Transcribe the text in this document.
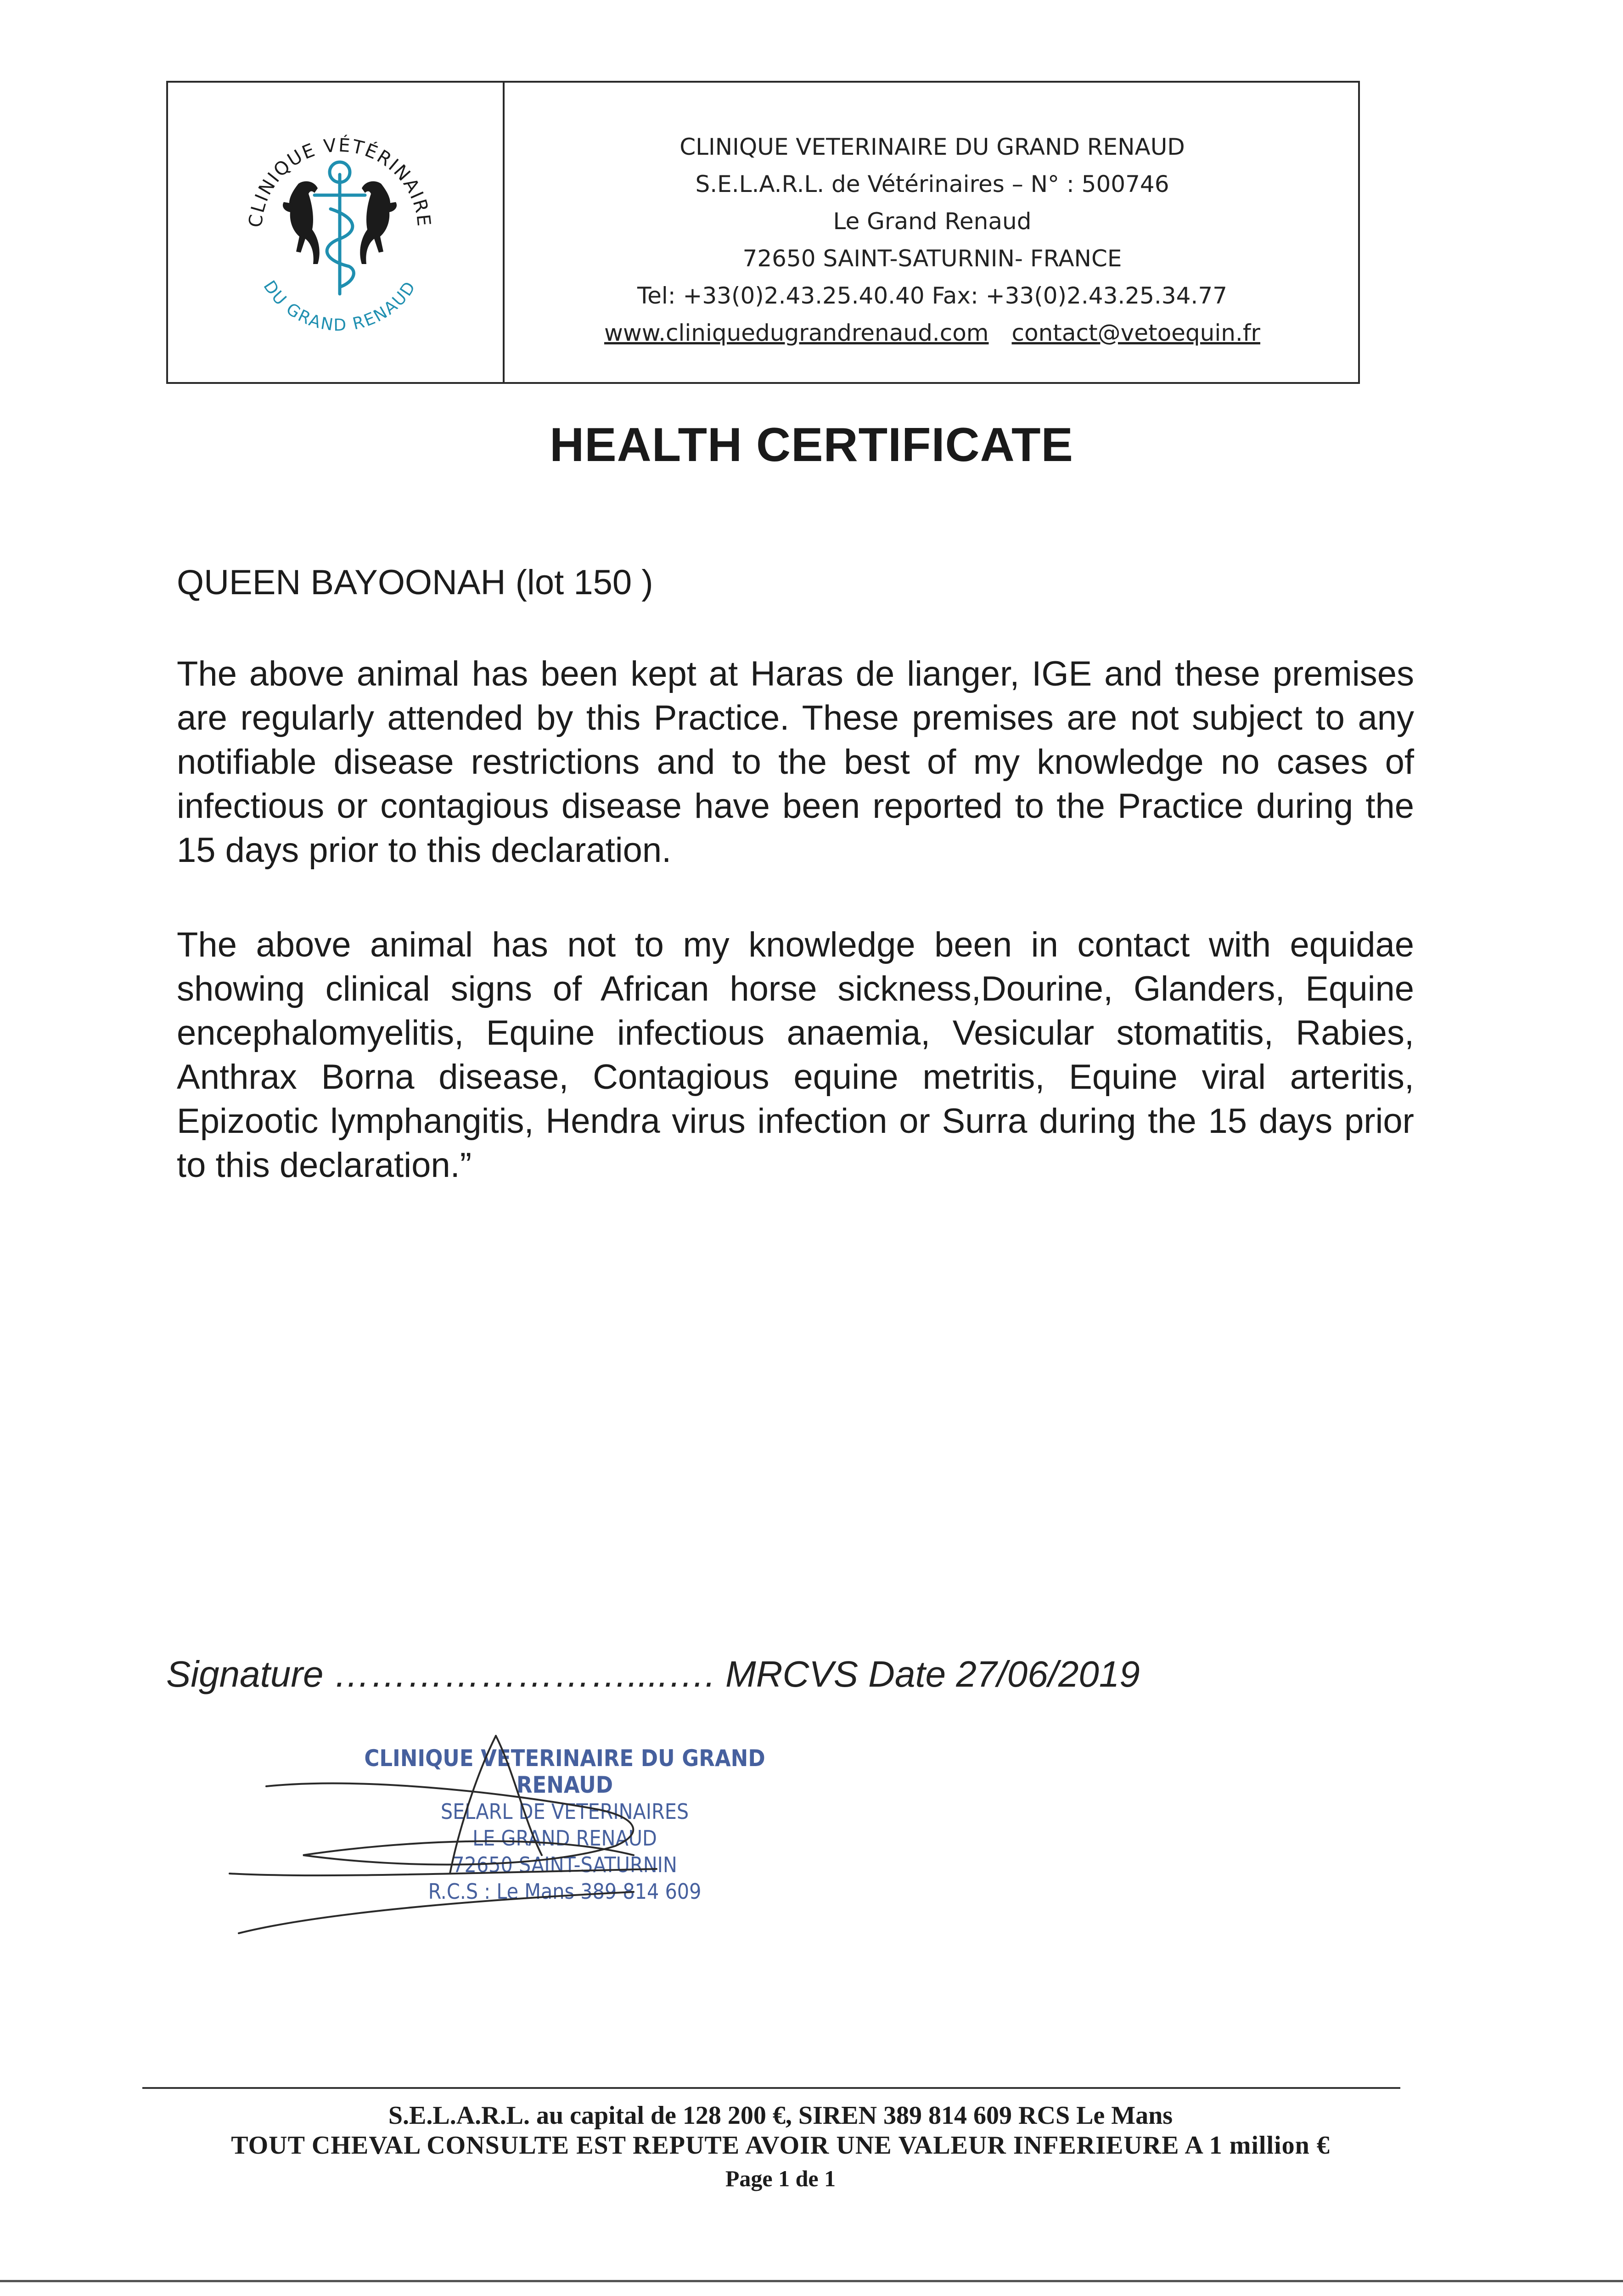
CLINIQUE VÉTÉRINAIRE
DU GRAND RENAUD
CLINIQUE VETERINAIRE DU GRAND RENAUD
S.E.L.A.R.L. de Vétérinaires – N° : 500746
Le Grand Renaud
72650 SAINT-SATURNIN- FRANCE
Tel: +33(0)2.43.25.40.40 Fax: +33(0)2.43.25.34.77
www.cliniquedugrandrenaud.com contact@vetoequin.fr
HEALTH CERTIFICATE
QUEEN BAYOONAH (lot 150 )
The above animal has been kept at Haras de lianger, IGE and these premises are regularly attended by this Practice. These premises are not subject to any notifiable disease restrictions and to the best of my knowledge no cases of infectious or contagious disease have been reported to the Practice during the 15 days prior to this declaration.
The above animal has not to my knowledge been in contact with equidae showing clinical signs of African horse sickness,Dourine, Glanders, Equine encephalomyelitis, Equine infectious anaemia, Vesicular stomatitis, Rabies, Anthrax Borna disease, Contagious equine metritis, Equine viral arteritis, Epizootic lymphangitis, Hendra virus infection or Surra during the 15 days prior to this declaration.”
Signature ……………………....…. MRCVS Date 27/06/2019
CLINIQUE VETERINAIRE DU GRAND RENAUD
SELARL DE VETERINAIRES
LE GRAND RENAUD
72650 SAINT-SATURNIN
R.C.S : Le Mans 389 814 609
S.E.L.A.R.L. au capital de 128 200 €, SIREN 389 814 609 RCS Le Mans
TOUT CHEVAL CONSULTE EST REPUTE AVOIR UNE VALEUR INFERIEURE A 1 million €
Page 1 de 1
